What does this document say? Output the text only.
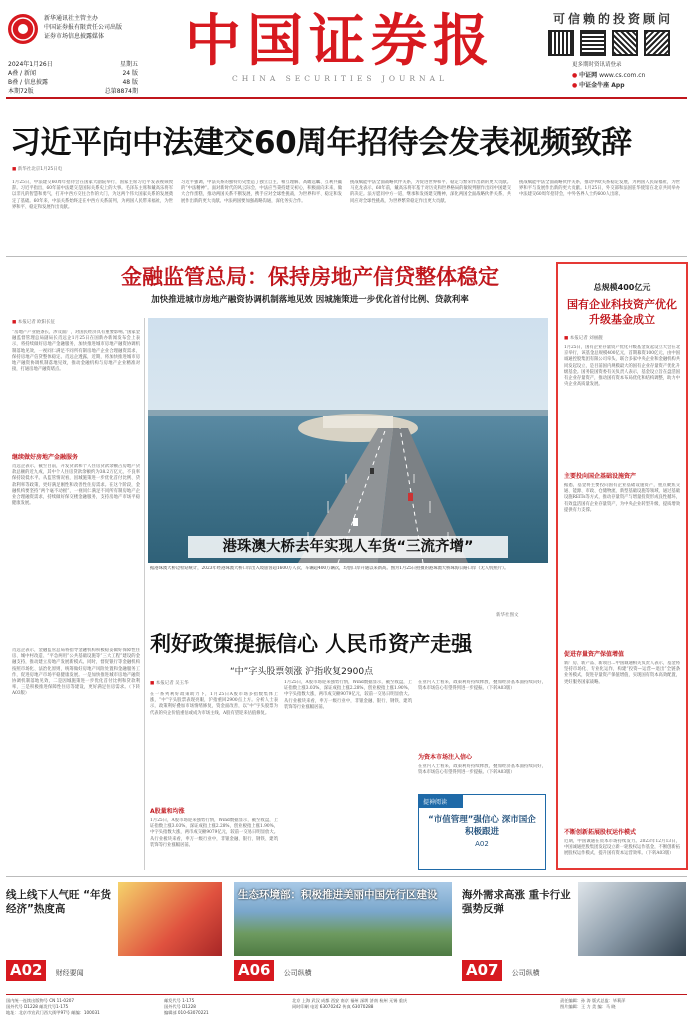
新华通讯社主管主办
中国证券报有限责任公司出版
证券市场信息披露媒体
2024年1月26日	星期五
A叠 / 新闻	24 版
B叠 / 信息披露	48 版
本期72版	总第8874期
中国证券报
CHINA SECURITIES JOURNAL
可信赖的投资顾问
更多期时资讯请登录
● 中证网 www.cs.com.cn
● 中证金牛座 App
习近平向中法建交60周年招待会发表视频致辞
■ 新华社北京1月25日电
1月25日，中法建交60周年招待会在国家大剧院举行，国家主席习近平发表视频致辞。习近平指出，60年前中法建交是国际关系史上的大事。毛泽东主席和戴高乐将军以非凡的智慧和勇气，打开中西方交往合作的大门，为这两个伟大国家关系的发展奠定了基础。60年来，中法关系始终走在中西方关系前列，为两国人民带来福祉，为世界和平、稳定和发展作出贡献。
习近平强调，中法关系的独特历史塑造了独立自主、相互理解、高瞻远瞩、互利共赢的“中法精神”。面对新时代的风云际会，中法应当秉持建交初心，积极面向未来，做大合作蛋糕，推动两国关系不断发展，携手应对全球性挑战，为世界和平、稳定和发展作出新的更大贡献。中法两国要加强战略沟通，深化务实合作。
挑战赋能中法全面战略伙伴关系，为促进世界和平、稳定与繁荣作出新的更大贡献。马克龙表示，60年前，戴高乐将军基于对历史和世界格局的敏锐判断作出同中国建交的决定。法方愿同中方一道，继承和发扬建交精神，深化两国全面战略伙伴关系，共同应对全球性挑战，为世界繁荣稳定作出更大贡献。
挑战赋能中法全面战略伙伴关系，推动中欧关系稳定发展，为两国人民谋福祉，为世界和平与发展作出新的更大贡献。1月25日，外交部和法国驻华使馆在北京共同举办中法建交60周年招待会，中外各界人士约600人出席。
金融监管总局：保持房地产信贷整体稳定
加快推进城市房地产融资协调机制落地见效 因城施策进一步优化首付比例、贷款利率
■ 本报记者 欧阳长征
“房地产产业链条长，涉及面广，对国民经济具有重要影响。”国家金融监督管理总局副局长肖远企1月25日在国新办新闻发布会上表示，将持续做好房地产金融服务，加快推进城市房地产融资协调机制落地见效，一视同仁满足不同所有制房地产企业合理融资需求，保持房地产信贷整体稳定。肖远企透露，近期，将加快推进城市房地产融资协调机制落地见效，推动金融机构与房地产企业精准对接，打通房地产融资堵点。
继续做好房地产金融服务
肖远企表示，截至目前，开发贷款和个人住房贷款余额占房地产贷款总额的近九成，其中个人住房贷款余额约为38.2万亿元，不良率保持较低水平。从监管情况看，因城施策进一步优化首付比例、贷款利率等政策，更好满足刚性和改善性住房需求。在这个阶段，金融机构要坚持“两个毫不动摇”，一视同仁满足不同所有制房地产企业合理融资需求，持续做好保交楼金融服务，支持房地产市场平稳健康发展。
肖远企表示，金融监管总局将指导金融机构积极稳妥做好保障性住房、城中村改造、“平急两用”公共基础设施等“三大工程”建设的金融支持，推动建立房地产发展新模式。同时，督促银行等金融机构按照市场化、法治化原则，统筹做好房地产风险处置和金融服务工作，促进房地产市场平稳健康发展。一是加快推进城市房地产融资协调机制落地见效，二是因城施策进一步优化首付比例和贷款利率，三是积极推进保障性住房等建设，更好满足住房需求。（下转A03版）
港珠澳大桥去年实现人车货“三流齐增”
据港珠澳大桥边检站统计，2023年经港珠澳大桥口岸出入境旅客超1600万人次、车辆超400万辆次，均创口岸开通以来新高。图为1月25日拍摄的港珠澳大桥珠海公路口岸（无人机照片）。
新华社图文
利好政策提振信心 人民币资产走强
“中”字头股票领涨 沪指收复2900点
■ 本报记者 吴玉华
在一系列利好政策助力下，1月25日A股市场多指数集体上涨，“中”字头股票表现亮眼，沪指重回2900点上方。分析人士表示，政策利好叠加市场情绪修复，资金面改善，以“中”字头股票为代表的央企价值重估或成为市场主线，A股有望迎来估值修复。
A股量和均涨
1月25日，A股市场迎来强势行情，Wind数据显示，截至收盘，上证指数上涨3.03%，深证成指上涨2.28%，创业板指上涨1.90%，中字头指数大涨，两市成交额9079亿元，较前一交易日明显放大。从行业板块来看，申万一级行业中，非银金融、银行、钢铁、建筑装饰等行业涨幅居前。
1月25日，A股市场迎来强势行情，Wind数据显示，截至收盘，上证指数上涨3.03%，深证成指上涨2.28%，创业板指上涨1.90%，中字头指数大涨，两市成交额9079亿元，较前一交易日明显放大。从行业板块来看，申万一级行业中，非银金融、银行、钢铁、建筑装饰等行业涨幅居前。
为资本市场注入信心
在业内人士看来，政策利好持续释放，叠加经济基本面持续向好，资本市场信心有望得到进一步提振。（下转A03版）
在业内人士看来，政策利好持续释放，叠加经济基本面持续向好，资本市场信心有望得到进一步提振。（下转A03版）
提神阅读
“市值管理”强信心 深市国企积极跟进
A02
总规模400亿元
国有企业科技资产优化升级基金成立
■ 本报记者 刘丽靓
1月25日，国有企业存量资产优化升级基金发起设立大会在北京举行，该基金总规模400亿元，首期募资100亿元，由中国诚通控股集团有限公司牵头，联合多家中央企业和金融机构共同发起设立，是目前国内规模最大的国有企业存量资产优化升级基金。国务院国资委有关负责人表示，基金设立旨在盘活国有企业存量资产，推动国有资本布局优化和结构调整，助力中央企业高质量发展。
主要投向国企基础设施资产
据悉，基金将主要投向国有企业基础设施资产，重点聚焦交通、能源、市政、仓储物流、新型基础设施等领域，通过基础设施REITs等方式，推动存量资产与增量投资形成良性循环，有效盘活国有企业存量资产，为中央企业转型升级、提质增效提供有力支撑。
促进存量资产保值增值
新厂房、新产品、新项目…中国诚通相关负责人表示，基金将坚持市场化、专业化运作，构建“投资—运营—退出”全链条业务模式，促进存量资产保值增值，实现国有资本高效配置，更好服务国家战略。
不断创新拓展股权运作模式
近期，中国诚通在资本市场持续发力。2023年12月13日，中国诚通控股集团发起设立新一轮股权运作基金，不断创新拓展股权运作模式，提升国有资本运营效率。（下转A03版）
线上线下人气旺 “年货经济”热度高
A02 财经要闻
生态环境部：积极推进美丽中国先行区建设
A06 公司纵横
海外需求高涨 重卡行业强势反弹
A07 公司纵横
国内统一连续出版物号 CN 11-0207
国外代号 D1228 邮发代号1-175
地址：北京市宣武门西大街甲97号 邮编：100031
邮发代号 1-175
国外代号 D1228
编辑部 010-63070221
北京 上海 武汉 成都 西安 南京 福州 深圳 济南 杭州 无锡 重庆
同时印刷 电话 63070242 传真 63070288
责任编辑：孙 涛 版式总监：毕莉萍
图片编辑：王 力 美 编：马 晓
